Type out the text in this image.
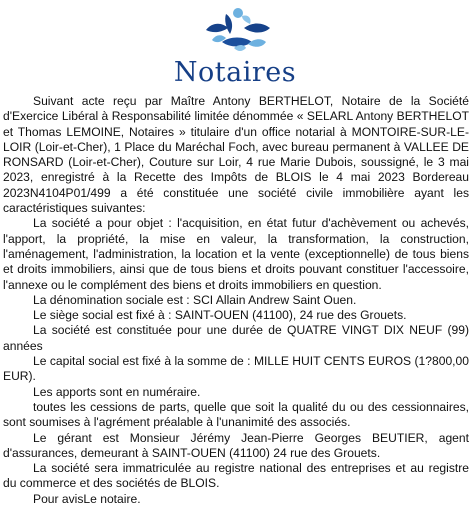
Notaires

Suivant acte reçu par Maître Antony BERTHELOT, Notaire de la Société d'Exercice Libéral à Responsabilité limitée dénommée « SELARL Antony BERTHELOT et Thomas LEMOINE, Notaires » titulaire d'un office notarial à MONTOIRE-SUR-LE-LOIR (Loir-et-Cher), 1 Place du Maréchal Foch, avec bureau permanent à VALLEE DE RONSARD (Loir-et-Cher), Couture sur Loir, 4 rue Marie Dubois, soussigné, le 3 mai 2023, enregistré à la Recette des Impôts de BLOIS le 4 mai 2023 Bordereau 2023N4104P01/499 a été constituée une société civile immobilière ayant les caractéristiques suivantes:

La société a pour objet : l'acquisition, en état futur d'achèvement ou achevés, l'apport, la propriété, la mise en valeur, la transformation, la construction, l'aménagement, l'administration, la location et la vente (exceptionnelle) de tous biens et droits immobiliers, ainsi que de tous biens et droits pouvant constituer l'accessoire, l'annexe ou le complément des biens et droits immobiliers en question.

La dénomination sociale est : SCI Allain Andrew Saint Ouen.

Le siège social est fixé à : SAINT-OUEN (41100), 24 rue des Grouets.

La société est constituée pour une durée de QUATRE VINGT DIX NEUF (99) années

Le capital social est fixé à la somme de : MILLE HUIT CENTS EUROS (1?800,00 EUR).

Les apports sont en numéraire.

toutes les cessions de parts, quelle que soit la qualité du ou des cessionnaires, sont soumises à l'agrément préalable à l'unanimité des associés.

Le gérant est Monsieur Jérémy Jean-Pierre Georges BEUTIER, agent d'assurances, demeurant à SAINT-OUEN (41100) 24 rue des Grouets.

La société sera immatriculée au registre national des entreprises et au registre du commerce et des sociétés de BLOIS.

Pour avisLe notaire.
